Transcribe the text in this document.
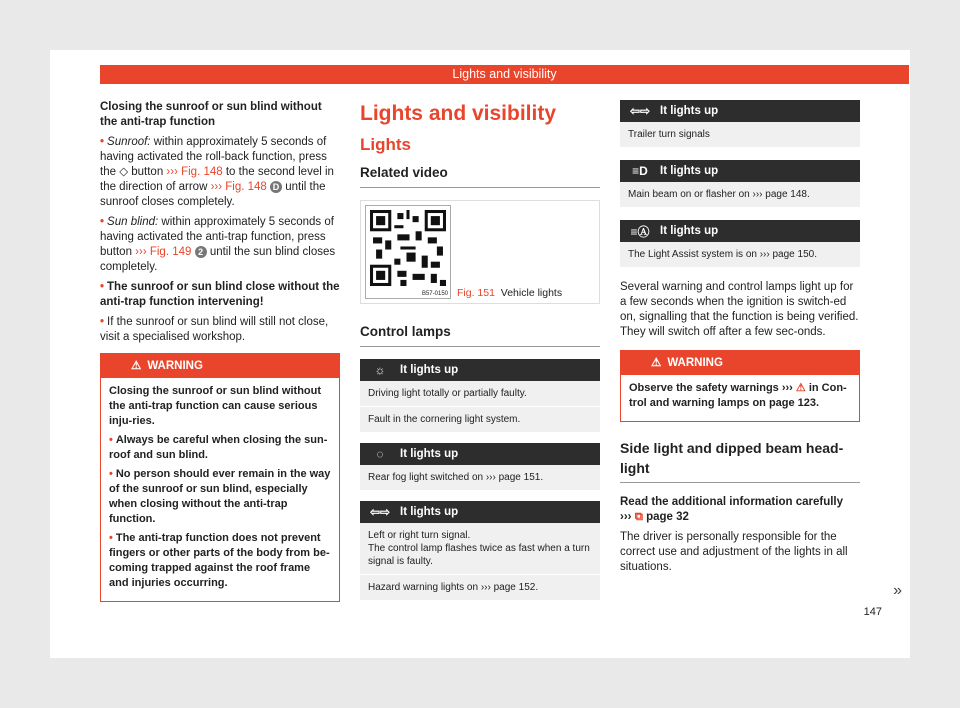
Lights and visibility

Closing the sunroof or sun blind without the anti-trap function

• Sunroof: within approximately 5 seconds of having activated the roll-back function, press the ◇ button ››› Fig. 148 to the second level in the direction of arrow ››› Fig. 148 D until the sunroof closes completely.

• Sun blind: within approximately 5 seconds of having activated the anti-trap function, press button ››› Fig. 149 2 until the sun blind closes completely.

• The sunroof or sun blind close without the anti-trap function intervening!

• If the sunroof or sun blind will still not close, visit a specialised workshop.

⚠ WARNING

Closing the sunroof or sun blind without the anti-trap function can cause serious inju-ries.

• Always be careful when closing the sun-roof and sun blind.

• No person should ever remain in the way of the sunroof or sun blind, especially when closing without the anti-trap function.

• The anti-trap function does not prevent fingers or other parts of the body from be-coming trapped against the roof frame and injuries occurring.

Lights and visibility
Lights
Related video
B57-0150 Fig. 151 Vehicle lights
Control lamps
☼	It lights up
Driving light totally or partially faulty.
Fault in the cornering light system.
◌	It lights up
Rear fog light switched on ››› page 151.
⇦⇨ It lights up
Left or right turn signal.
The control lamp flashes twice as fast when a turn signal is faulty.
Hazard warning lights on ››› page 152.
⇦⇨ It lights up
Trailer turn signals
≡D	It lights up
Main beam on or flasher on ››› page 148.
≡Ⓐ It lights up
The Light Assist system is on ››› page 150.

Several warning and control lamps light up for a few seconds when the ignition is switch-ed on, signalling that the function is being verified. They will switch off after a few sec-onds.

⚠ WARNING

Observe the safety warnings ››› ⚠ in Con-trol and warning lamps on page 123.

Side light and dipped beam head-light

Read the additional information carefully
››› ⧉ page 32

The driver is personally responsible for the correct use and adjustment of the lights in all situations.

»
147
